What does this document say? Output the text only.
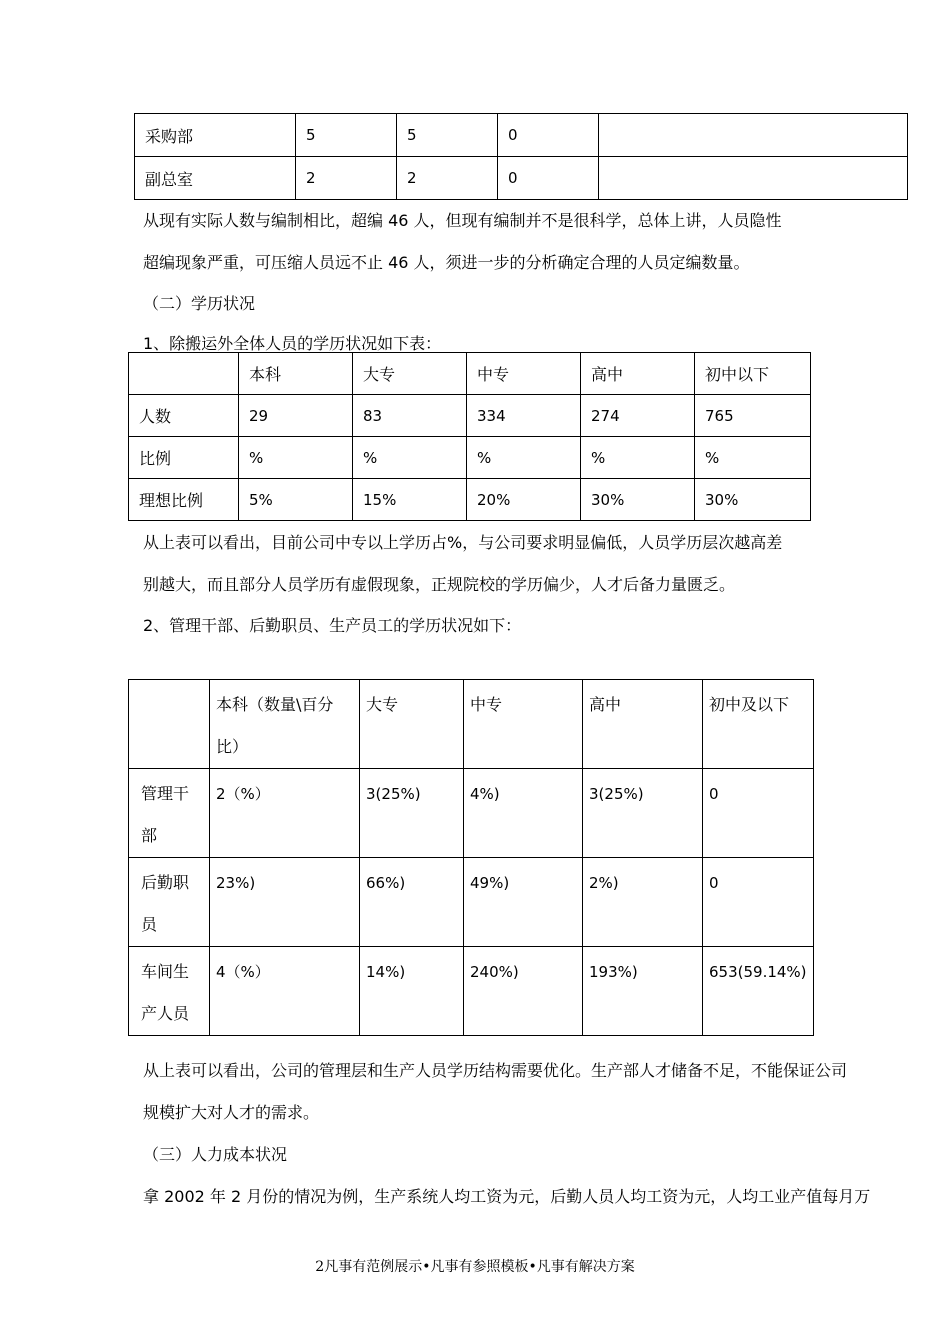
采购部	5	5	0	
副总室	2	2	0	
从现有实际人数与编制相比，超编 46 人，但现有编制并不是很科学，总体上讲，人员隐性
超编现象严重，可压缩人员远不止 46 人，须进一步的分析确定合理的人员定编数量。
（二）学历状况
1、除搬运外全体人员的学历状况如下表：
	本科	大专	中专	高中	初中以下
人数	29	83	334	274	765
比例	%	%	%	%	%
理想比例	5%	15%	20%	30%	30%
从上表可以看出，目前公司中专以上学历占%，与公司要求明显偏低，人员学历层次越高差
别越大，而且部分人员学历有虚假现象，正规院校的学历偏少，人才后备力量匮乏。
2、管理干部、后勤职员、生产员工的学历状况如下：

	本科（数量\百分比）	大专	中专	高中	初中及以下

管理干部	2（%）	3(25%)	4%)	3(25%)	0

后勤职员	23%)	66%)	49%)	2%)	0

车间生产人员	4（%）	14%)	240%)	193%)	653(59.14%)
从上表可以看出，公司的管理层和生产人员学历结构需要优化。生产部人才储备不足，不能保证公司
规模扩大对人才的需求。
（三）人力成本状况
拿 2002 年 2 月份的情况为例，生产系统人均工资为元，后勤人员人均工资为元，人均工业产值每月万
2凡事有范例展示•凡事有参照模板•凡事有解决方案
